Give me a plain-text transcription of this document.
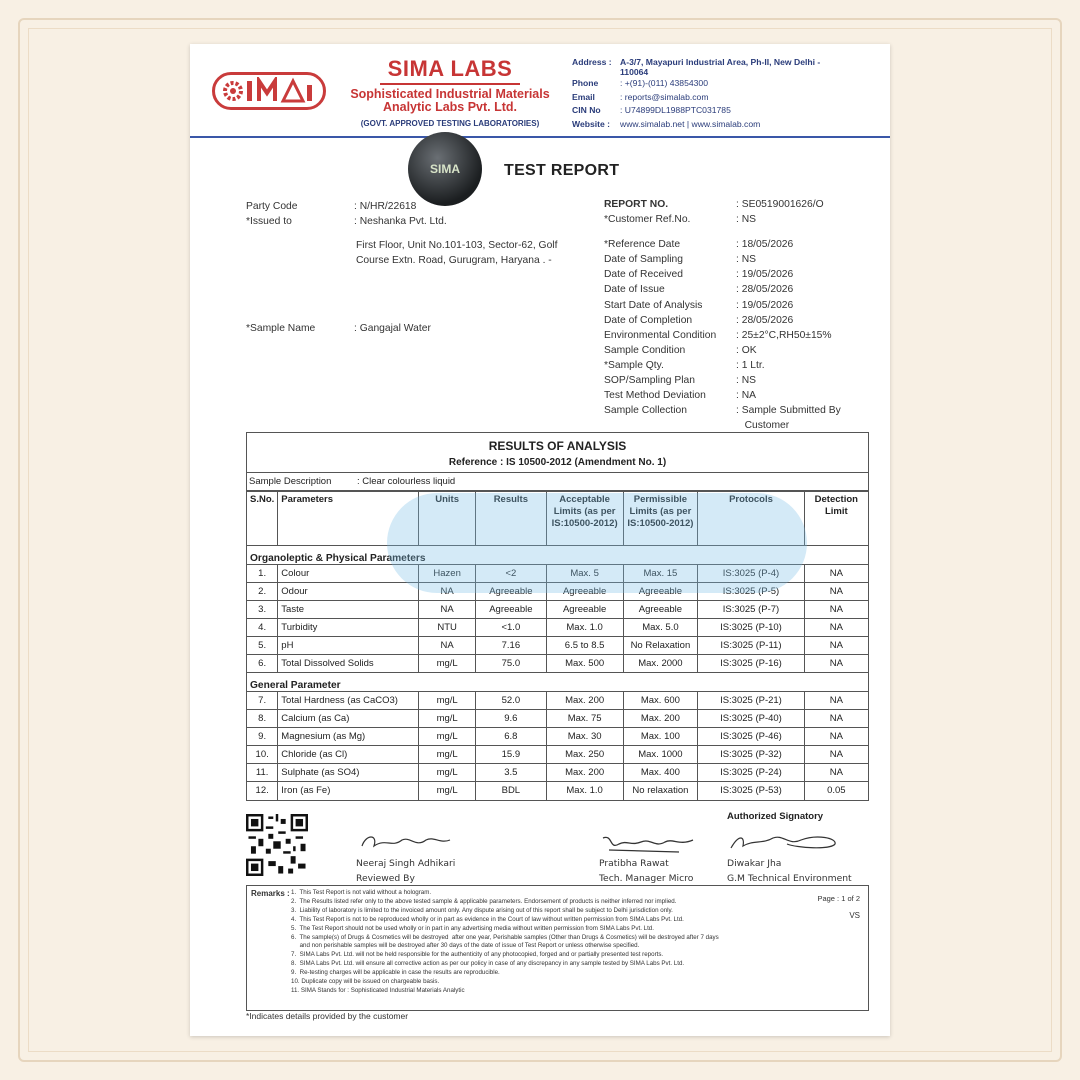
SIMA LABS
Sophisticated Industrial Materials
Analytic Labs Pvt. Ltd.
(GOVT. APPROVED TESTING LABORATORIES)
Address : A-3/7, Mayapuri Industrial Area, Ph-II, New Delhi - 110064
Phone	: +(91)-(011) 43854300
Email	: reports@simalab.com
CIN No	: U74899DL1988PTC031785
Website :	www.simalab.net | www.simalab.com
SIMA	TEST REPORT
Party Code	: N/HR/22618
*Issued to	: Neshanka Pvt. Ltd.
First Floor, Unit No.101-103, Sector-62, Golf Course Extn. Road, Gurugram, Haryana . -
*Sample Name	: Gangajal Water
REPORT NO.	: SE0519001626/O
*Customer Ref.No.	: NS
*Reference Date	: 18/05/2026
Date of Sampling	: NS
Date of Received	: 19/05/2026
Date of Issue	: 28/05/2026
Start Date of Analysis	: 19/05/2026
Date of Completion	: 28/05/2026
Environmental Condition	: 25±2°C,RH50±15%
Sample Condition	: OK
*Sample Qty.	: 1 Ltr.
SOP/Sampling Plan	: NS
Test Method Deviation	: NA
Sample Collection	: Sample Submitted By
Customer
RESULTS OF ANALYSIS
Reference : IS 10500-2012 (Amendment No. 1)
Sample Description	: Clear colourless liquid
S.No.	Parameters	Units	Results	Acceptable Limits (as per IS:10500-2012)	Permissible Limits (as per IS:10500-2012)	Protocols	Detection Limit
Organoleptic & Physical Parameters							
1.	Colour	Hazen	<2	Max. 5	Max. 15	IS:3025 (P-4)	NA
2.	Odour	NA	Agreeable	Agreeable	Agreeable	IS:3025 (P-5)	NA
3.	Taste	NA	Agreeable	Agreeable	Agreeable	IS:3025 (P-7)	NA
4.	Turbidity	NTU	<1.0	Max. 1.0	Max. 5.0	IS:3025 (P-10)	NA
5.	pH	NA	7.16	6.5 to 8.5	No Relaxation	IS:3025 (P-11)	NA
6.	Total Dissolved Solids	mg/L	75.0	Max. 500	Max. 2000	IS:3025 (P-16)	NA
General Parameter							
7.	Total Hardness (as CaCO3)	mg/L	52.0	Max. 200	Max. 600	IS:3025 (P-21)	NA
8.	Calcium (as Ca)	mg/L	9.6	Max. 75	Max. 200	IS:3025 (P-40)	NA
9.	Magnesium (as Mg)	mg/L	6.8	Max. 30	Max. 100	IS:3025 (P-46)	NA
10.	Chloride (as Cl)	mg/L	15.9	Max. 250	Max. 1000	IS:3025 (P-32)	NA
11.	Sulphate (as SO4)	mg/L	3.5	Max. 200	Max. 400	IS:3025 (P-24)	NA
12.	Iron (as Fe)	mg/L	BDL	Max. 1.0	No relaxation	IS:3025 (P-53)	0.05
Authorized Signatory
Neeraj Singh Adhikari
Reviewed By
Pratibha Rawat
Tech. Manager Micro
Diwakar Jha
G.M Technical Environment
Remarks : 1.  This Test Report is not valid without a hologram.
2.  The Results listed refer only to the above tested sample & applicable parameters. Endorsement of products is neither inferred nor implied.
3.  Liability of laboratory is limited to the invoiced amount only. Any dispute arising out of this report shall be subject to Delhi jurisdiction only.
4.  This Test Report is not to be reproduced wholly or in part as evidence in the Court of law without written permission from SIMA Labs Pvt. Ltd.
5.  The Test Report should not be used wholly or in part in any advertising media without written permission from SIMA Labs Pvt. Ltd.
6.  The sample(s) of Drugs & Cosmetics will be destroyed  after one year, Perishable samples (Other than Drugs & Cosmetics) will be destroyed after 7 days
and non perishable samples will be destroyed after 30 days of the date of issue of Test Report or unless otherwise specified.
7.  SIMA Labs Pvt. Ltd. will not be held responsible for the authenticity of any photocopied, forged and or partially presented test reports.
8.  SIMA Labs Pvt. Ltd. will ensure all corrective action as per our policy in case of any discrepancy in any sample tested by SIMA Labs Pvt. Ltd.
9.  Re-testing charges will be applicable in case the results are reproducible.
10. Duplicate copy will be issued on chargeable basis.
11. SIMA Stands for : Sophisticated Industrial Materials Analytic
Page : 1 of 2
VS
*Indicates details provided by the customer
